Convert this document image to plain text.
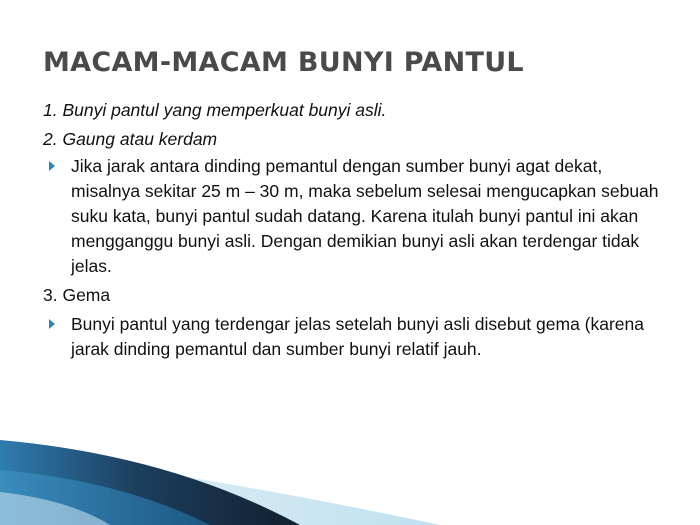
MACAM-MACAM BUNYI PANTUL

1. Bunyi pantul yang memperkuat bunyi asli.

2. Gaung atau kerdam

Jika jarak antara dinding pemantul dengan sumber bunyi agat dekat, misalnya sekitar 25 m – 30 m, maka sebelum selesai mengucapkan sebuah suku kata, bunyi pantul sudah datang. Karena itulah bunyi pantul ini akan mengganggu bunyi asli. Dengan demikian bunyi asli akan terdengar tidak jelas.

3. Gema

Bunyi pantul yang terdengar jelas setelah bunyi asli disebut gema (karena jarak dinding pemantul dan sumber bunyi relatif jauh.
